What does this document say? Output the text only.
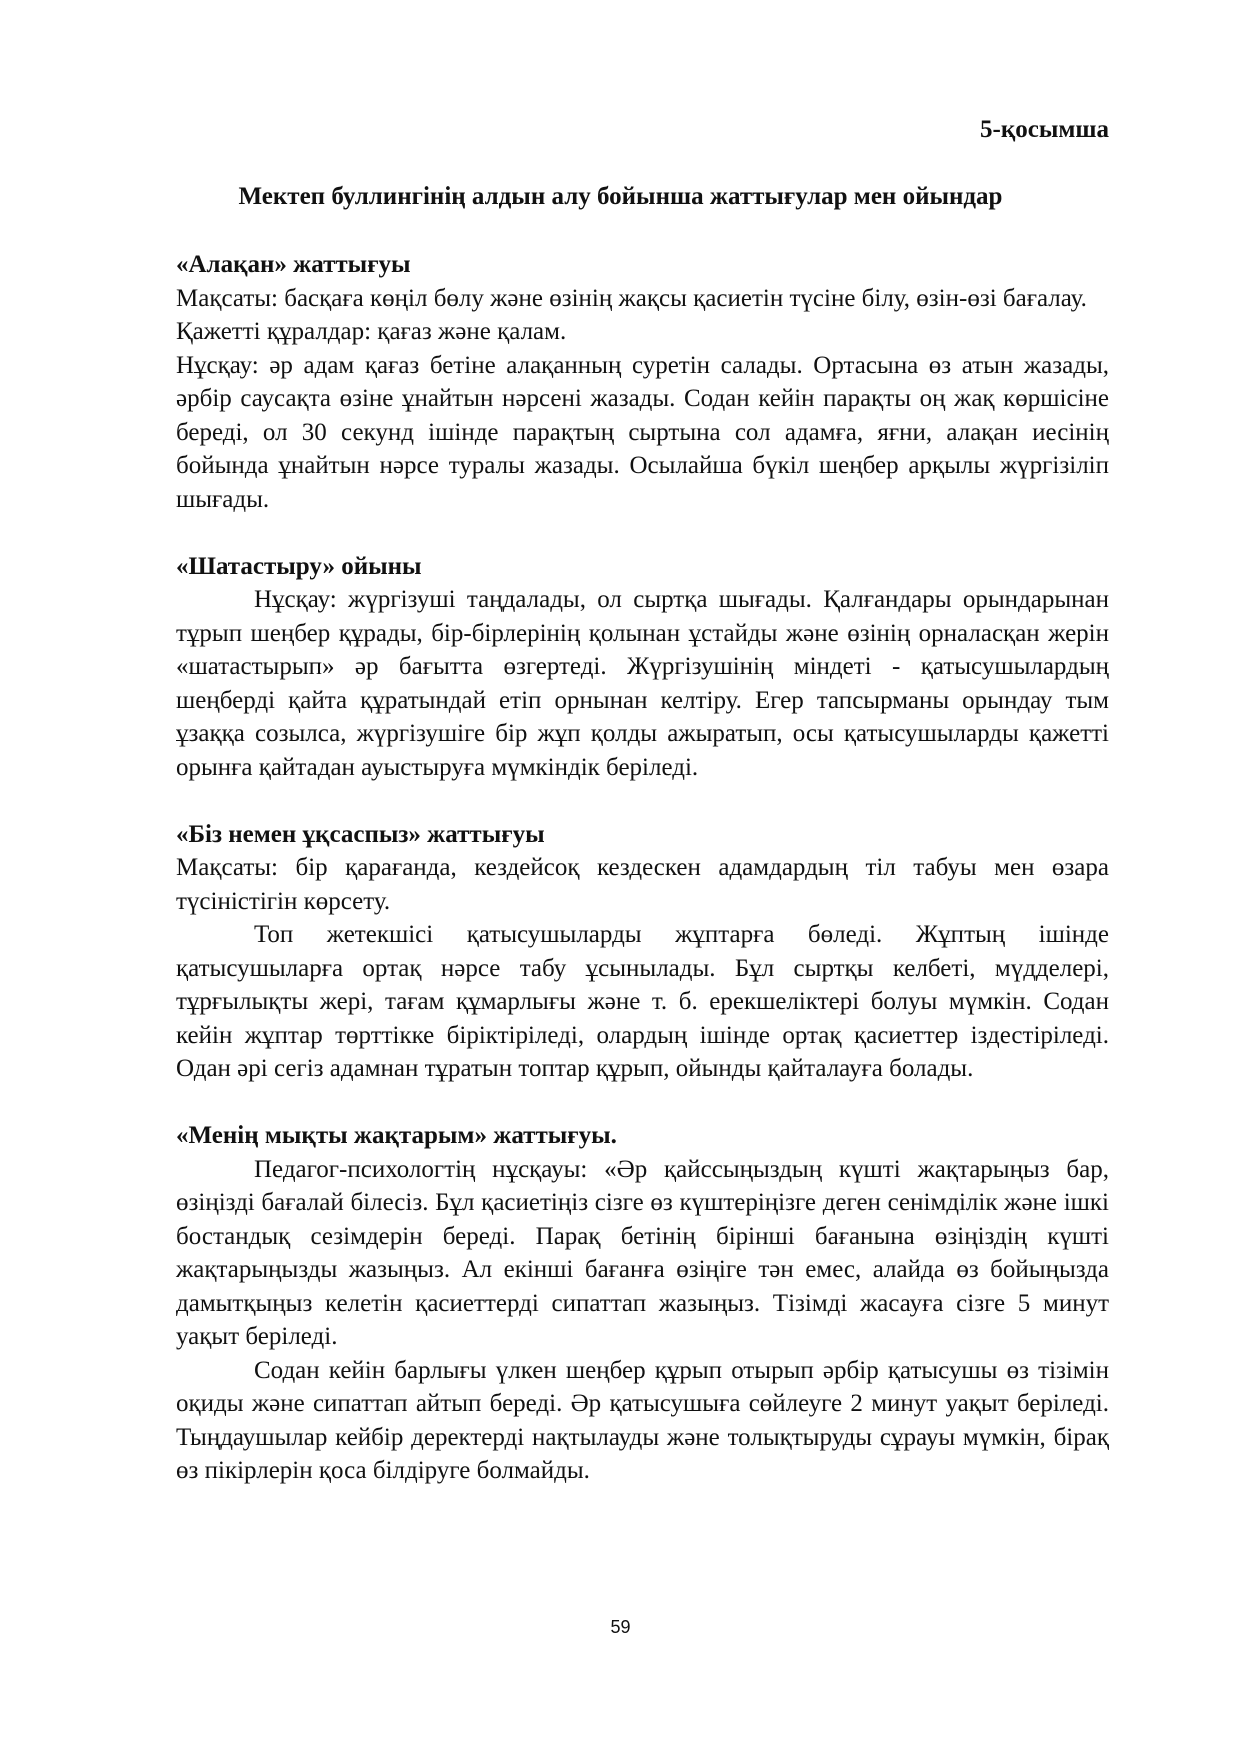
5-қосымша
Мектеп буллингінің алдын алу бойынша жаттығулар мен ойындар
«Алақан» жаттығуы

Мақсаты: басқаға көңіл бөлу және өзінің жақсы қасиетін түсіне білу, өзін-өзі бағалау.

Қажетті құралдар: қағаз және қалам.

Нұсқау: әр адам қағаз бетіне алақанның суретін салады. Ортасына өз атын жазады, әрбір саусақта өзіне ұнайтын нәрсені жазады. Содан кейін парақты оң жақ көршісіне береді, ол 30 секунд ішінде парақтың сыртына сол адамға, яғни, алақан иесінің бойында ұнайтын нәрсе туралы жазады. Осылайша бүкіл шеңбер арқылы жүргізіліп шығады.

«Шатастыру» ойыны

Нұсқау: жүргізуші таңдалады, ол сыртқа шығады. Қалғандары орындарынан тұрып шеңбер құрады, бір-бірлерінің қолынан ұстайды және өзінің орналасқан жерін «шатастырып» әр бағытта өзгертеді. Жүргізушінің міндеті - қатысушылардың шеңберді қайта құратындай етіп орнынан келтіру. Егер тапсырманы орындау тым ұзаққа созылса, жүргізушіге бір жұп қолды ажыратып, осы қатысушыларды қажетті орынға қайтадан ауыстыруға мүмкіндік беріледі.

«Біз немен ұқсаспыз» жаттығуы

Мақсаты: бір қарағанда, кездейсоқ кездескен адамдардың тіл табуы мен өзара түсіністігін көрсету.

Топ жетекшісі қатысушыларды жұптарға бөледі. Жұптың ішінде қатысушыларға ортақ нәрсе табу ұсынылады. Бұл сыртқы келбеті, мүдделері, тұрғылықты жері, тағам құмарлығы және т. б. ерекшеліктері болуы мүмкін. Содан кейін жұптар төрттікке біріктіріледі, олардың ішінде ортақ қасиеттер іздестіріледі. Одан әрі сегіз адамнан тұратын топтар құрып, ойынды қайталауға болады.

«Менің мықты жақтарым» жаттығуы.

Педагог-психологтің нұсқауы: «Әр қайссыңыздың күшті жақтарыңыз бар, өзіңізді бағалай білесіз. Бұл қасиетіңіз сізге өз күштеріңізге деген сенімділік және ішкі бостандық сезімдерін береді. Парақ бетінің бірінші бағанына өзіңіздің күшті жақтарыңызды жазыңыз. Ал екінші бағанға өзіңіге тән емес, алайда өз бойыңызда дамытқыңыз келетін қасиеттерді сипаттап жазыңыз. Тізімді жасауға сізге 5 минут уақыт беріледі.

Содан кейін барлығы үлкен шеңбер құрып отырып әрбір қатысушы өз тізімін оқиды және сипаттап айтып береді. Әр қатысушыға сөйлеуге 2 минут уақыт беріледі. Тыңдаушылар кейбір деректерді нақтылауды және толықтыруды сұрауы мүмкін, бірақ өз пікірлерін қоса білдіруге болмайды.

59
